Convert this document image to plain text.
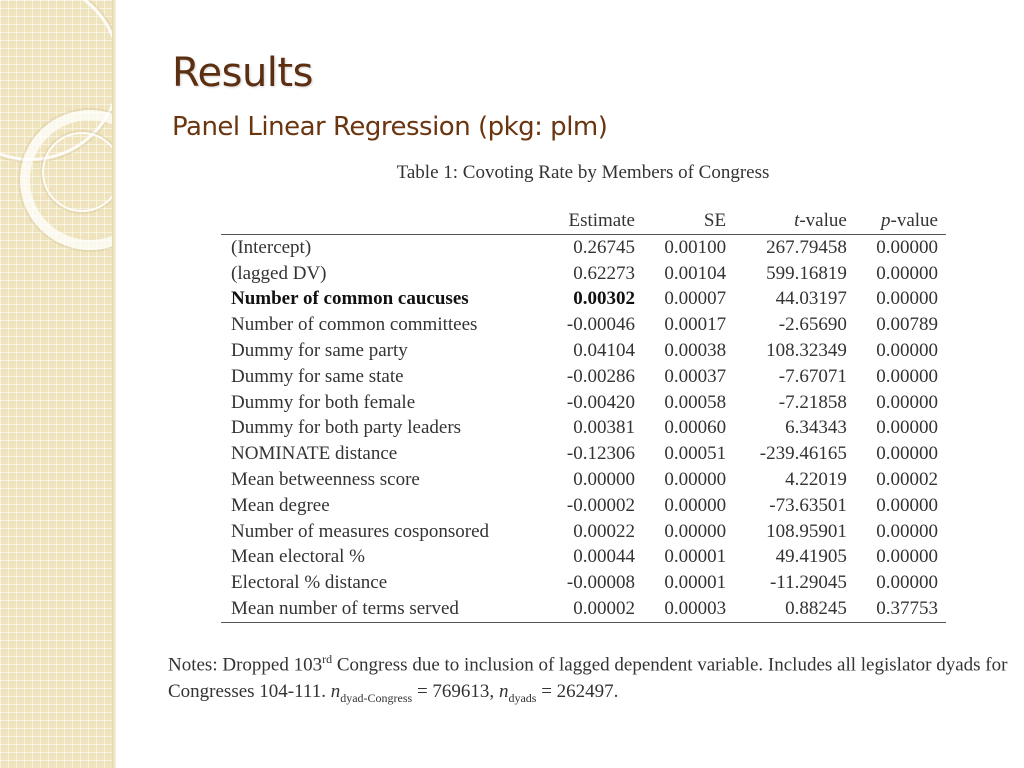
Results
Panel Linear Regression (pkg: plm)
Table 1: Covoting Rate by Members of Congress
	Estimate	SE	t-value	p-value
(Intercept)	0.26745	0.00100	267.79458	0.00000
(lagged DV)	0.62273	0.00104	599.16819	0.00000
Number of common caucuses	0.00302	0.00007	44.03197	0.00000
Number of common committees	-0.00046	0.00017	-2.65690	0.00789
Dummy for same party	0.04104	0.00038	108.32349	0.00000
Dummy for same state	-0.00286	0.00037	-7.67071	0.00000
Dummy for both female	-0.00420	0.00058	-7.21858	0.00000
Dummy for both party leaders	0.00381	0.00060	6.34343	0.00000
NOMINATE distance	-0.12306	0.00051	-239.46165	0.00000
Mean betweenness score	0.00000	0.00000	4.22019	0.00002
Mean degree	-0.00002	0.00000	-73.63501	0.00000
Number of measures cosponsored	0.00022	0.00000	108.95901	0.00000
Mean electoral %	0.00044	0.00001	49.41905	0.00000
Electoral % distance	-0.00008	0.00001	-11.29045	0.00000
Mean number of terms served	0.00002	0.00003	0.88245	0.37753
Notes: Dropped 103rd Congress due to inclusion of lagged dependent variable. Includes all legislator dyads for Congresses 104-111. $n_{dyad-Congress} = 769613$, $n_{dyads} = 262497$.
